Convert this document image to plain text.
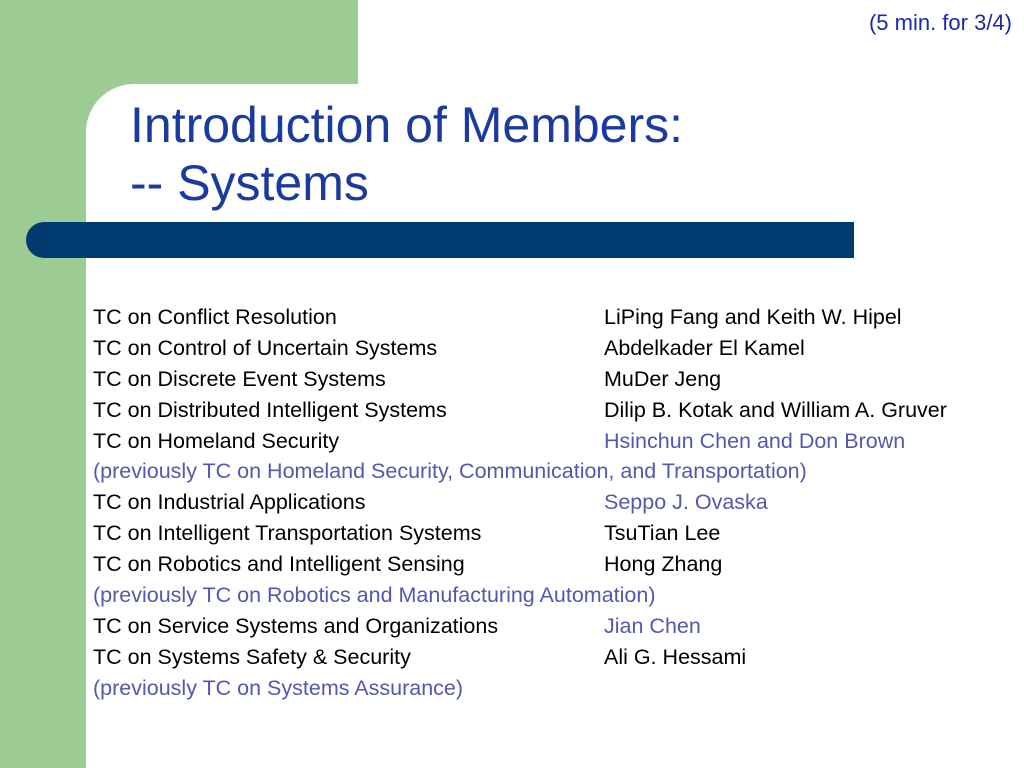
(5 min. for 3/4)
Introduction of Members:
-- Systems
TC on Conflict Resolution	LiPing Fang and Keith W. Hipel
TC on Control of Uncertain Systems	Abdelkader El Kamel
TC on Discrete Event Systems	MuDer Jeng
TC on Distributed Intelligent Systems	Dilip B. Kotak and William A. Gruver
TC on Homeland Security	Hsinchun Chen and Don Brown
(previously TC on Homeland Security, Communication, and Transportation)
TC on Industrial Applications	Seppo J. Ovaska
TC on Intelligent Transportation Systems	TsuTian Lee
TC on Robotics and Intelligent Sensing	Hong Zhang
(previously TC on Robotics and Manufacturing Automation)
TC on Service Systems and Organizations	Jian Chen
TC on Systems Safety & Security	Ali G. Hessami
(previously TC on Systems Assurance)
